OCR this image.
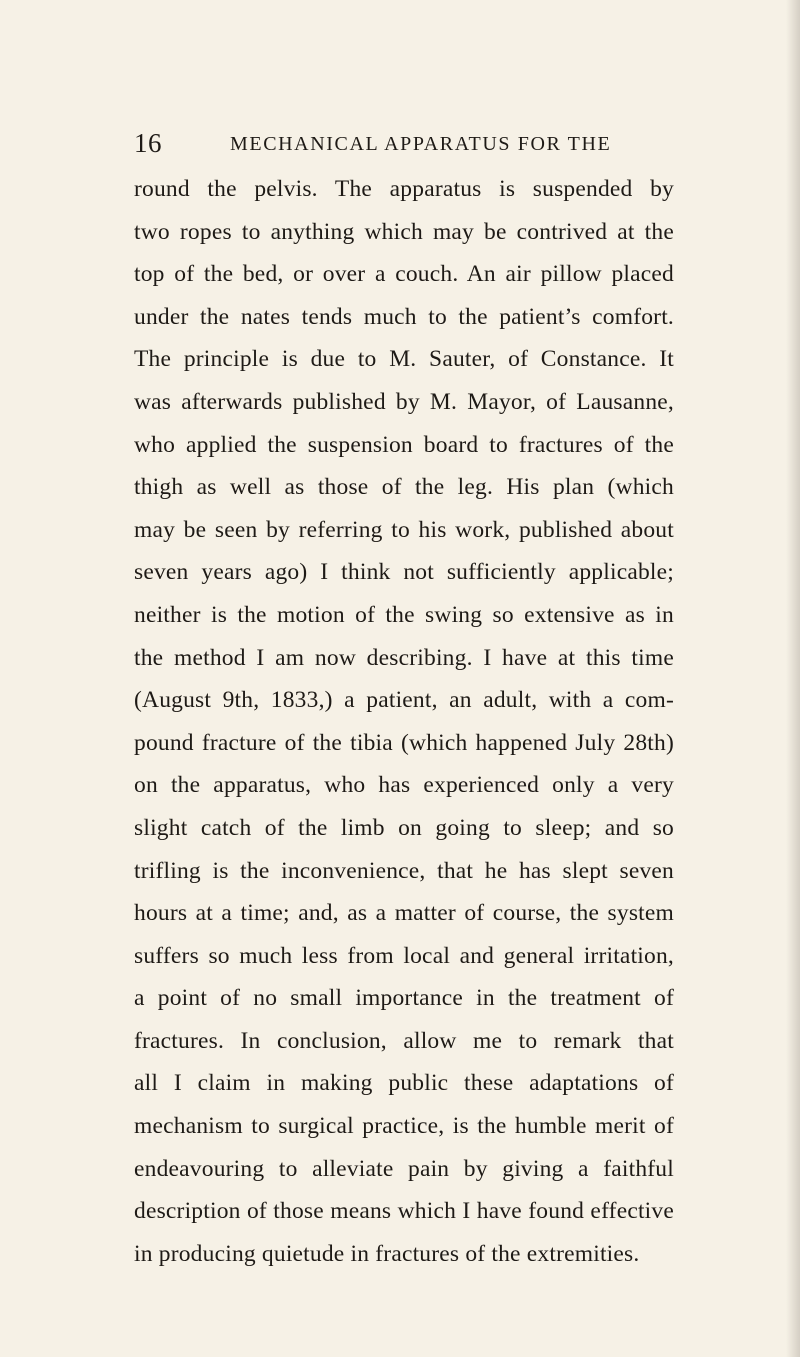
16	MECHANICAL APPARATUS FOR THE
round the pelvis. The apparatus is suspended by
two ropes to anything which may be contrived at the
top of the bed, or over a couch. An air pillow placed
under the nates tends much to the patient’s comfort.
The principle is due to M. Sauter, of Constance. It
was afterwards published by M. Mayor, of Lausanne,
who applied the suspension board to fractures of the
thigh as well as those of the leg. His plan (which
may be seen by referring to his work, published about
seven years ago) I think not sufficiently applicable;
neither is the motion of the swing so extensive as in
the method I am now describing. I have at this time
(August 9th, 1833,) a patient, an adult, with a com-
pound fracture of the tibia (which happened July 28th)
on the apparatus, who has experienced only a very
slight catch of the limb on going to sleep; and so
trifling is the inconvenience, that he has slept seven
hours at a time; and, as a matter of course, the system
suffers so much less from local and general irritation,
a point of no small importance in the treatment of
fractures. In conclusion, allow me to remark that
all I claim in making public these adaptations of
mechanism to surgical practice, is the humble merit of
endeavouring to alleviate pain by giving a faithful
description of those means which I have found effective
in producing quietude in fractures of the extremities.
